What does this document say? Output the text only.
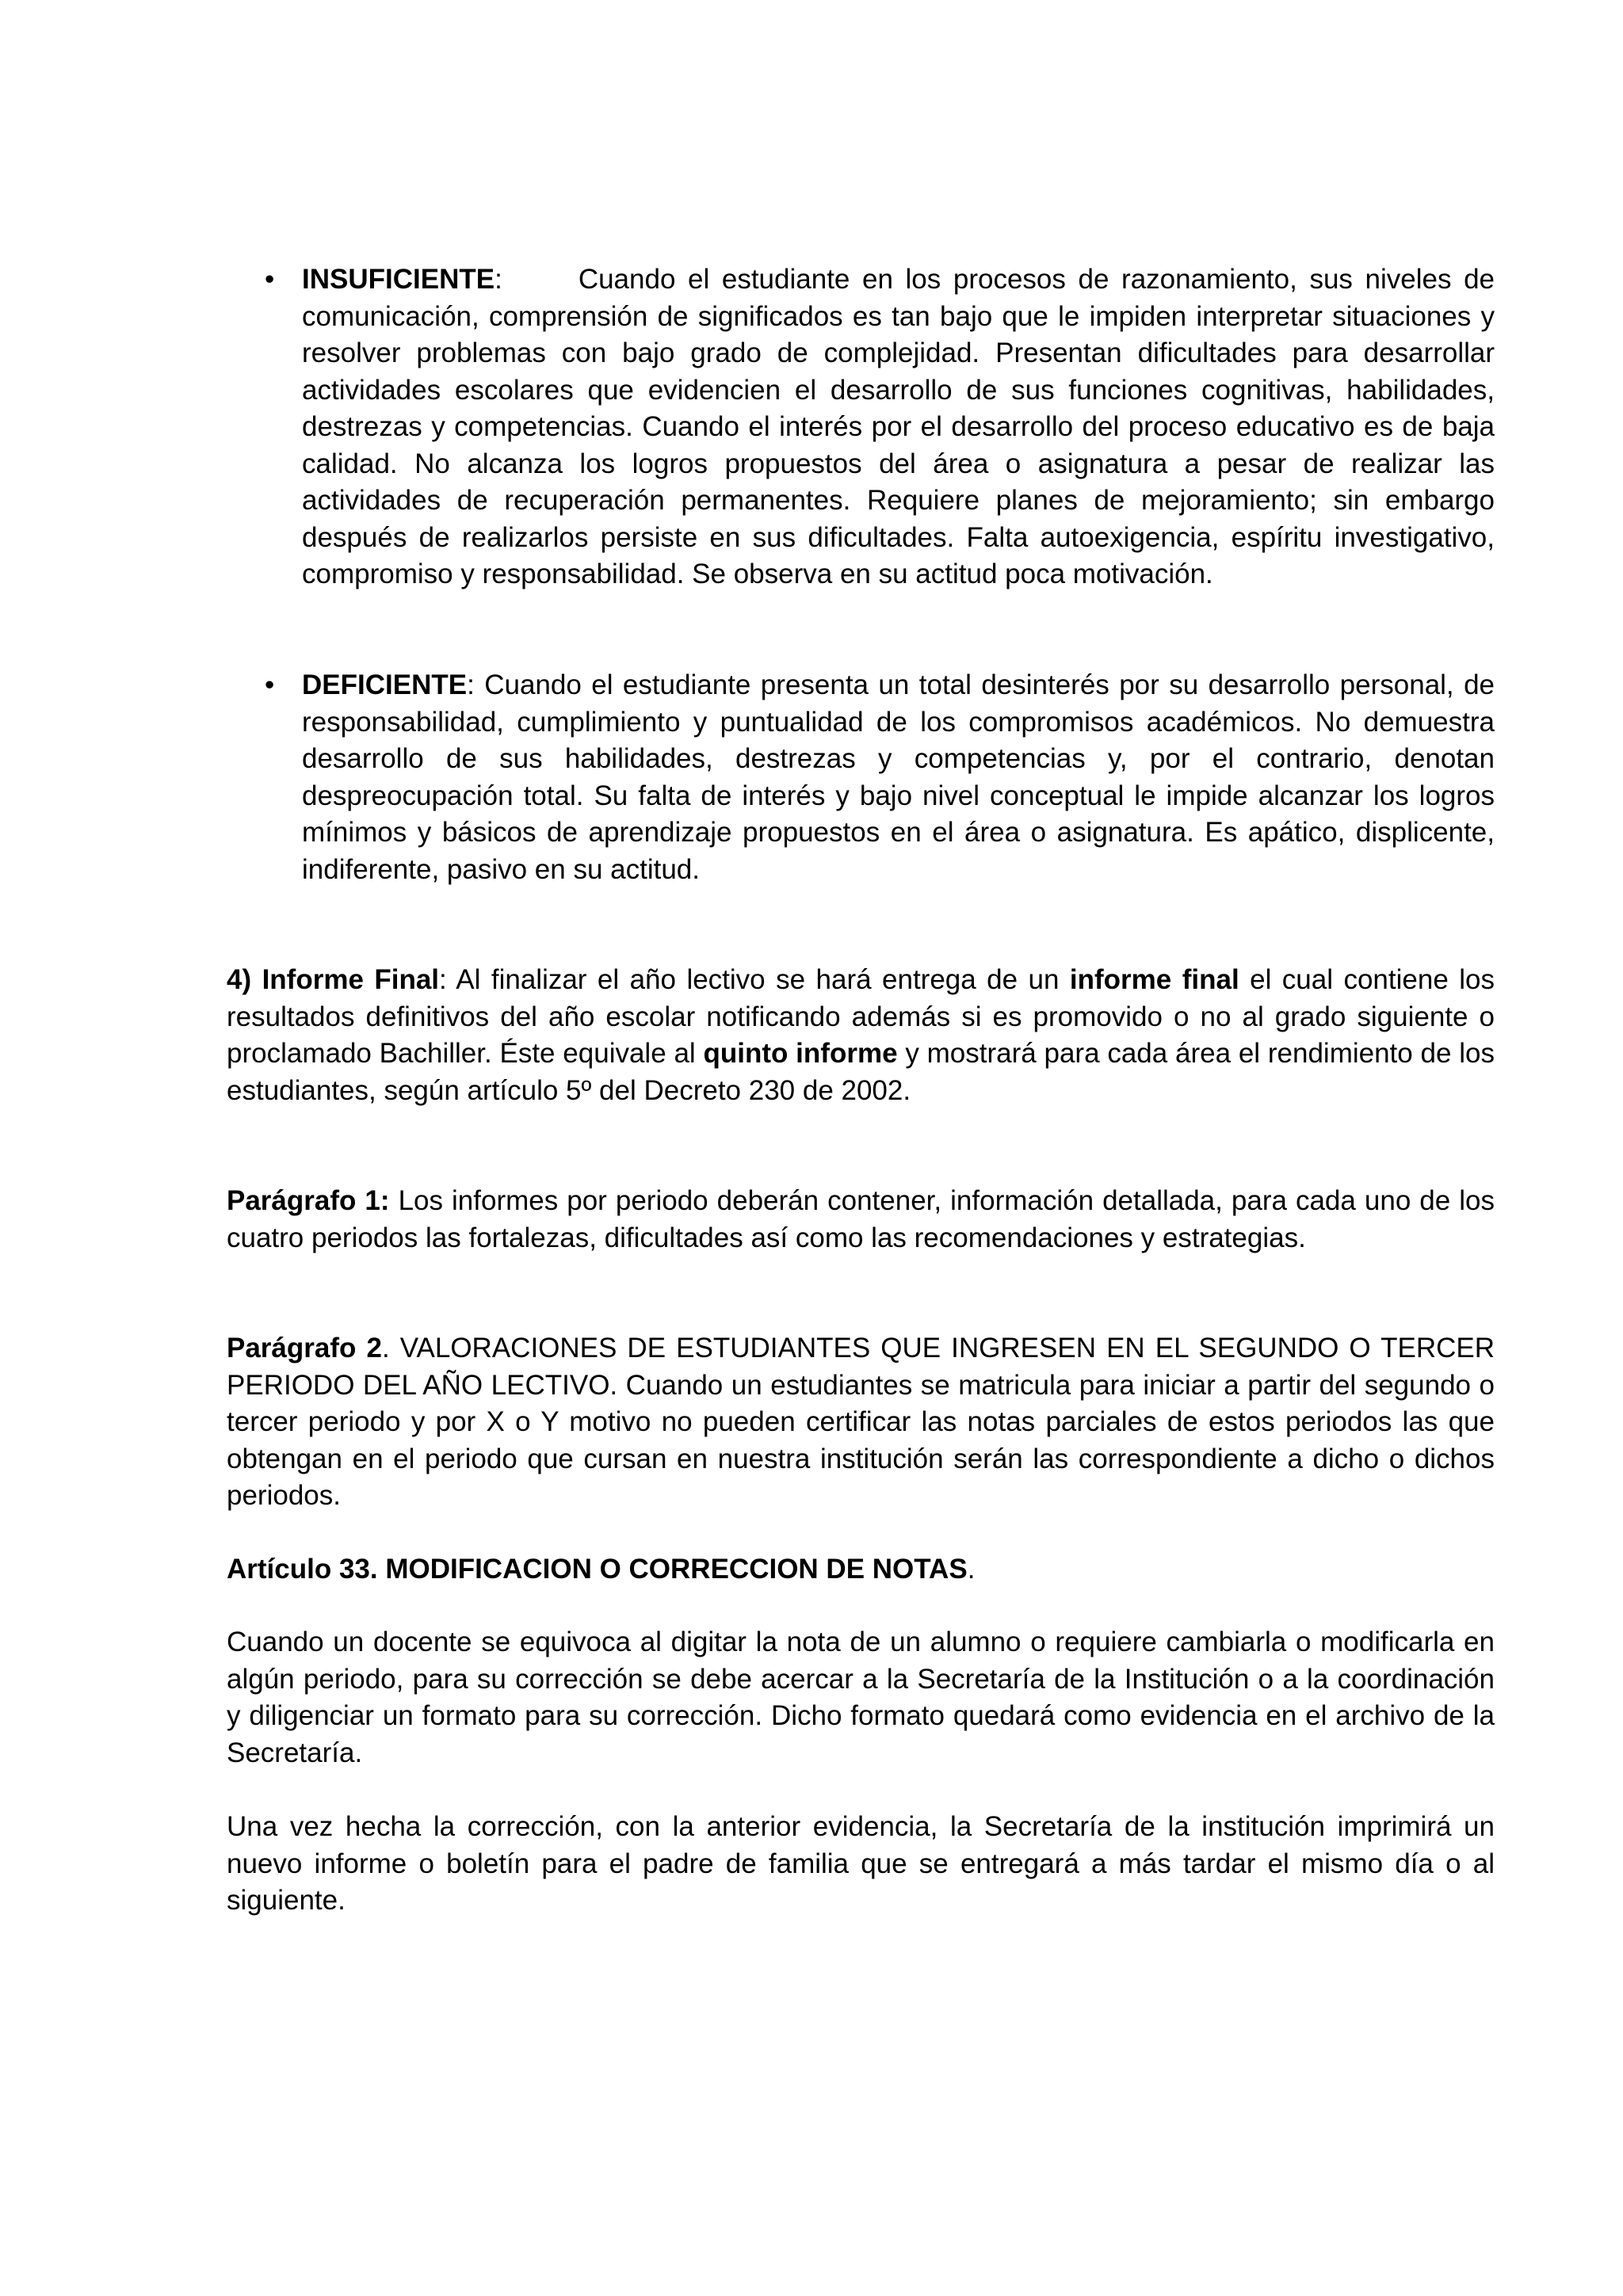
• INSUFICIENTE:	Cuando el estudiante en los procesos de razonamiento, sus niveles de comunicación, comprensión de significados es tan bajo que le impiden interpretar situaciones y resolver problemas con bajo grado de complejidad. Presentan dificultades para desarrollar actividades escolares que evidencien el desarrollo de sus funciones cognitivas, habilidades, destrezas y competencias. Cuando el interés por el desarrollo del proceso educativo es de baja calidad. No alcanza los logros propuestos del área o asignatura a pesar de realizar las actividades de recuperación permanentes. Requiere planes de mejoramiento; sin embargo después de realizarlos persiste en sus dificultades. Falta autoexigencia, espíritu investigativo, compromiso y responsabilidad. Se observa en su actitud poca motivación.
• DEFICIENTE: Cuando el estudiante presenta un total desinterés por su desarrollo personal, de responsabilidad, cumplimiento y puntualidad de los compromisos académicos. No demuestra desarrollo de sus habilidades, destrezas y competencias y, por el contrario, denotan despreocupación total. Su falta de interés y bajo nivel conceptual le impide alcanzar los logros mínimos y básicos de aprendizaje propuestos en el área o asignatura. Es apático, displicente, indiferente, pasivo en su actitud.
4) Informe Final: Al finalizar el año lectivo se hará entrega de un informe final el cual contiene los resultados definitivos del año escolar notificando además si es promovido o no al grado siguiente o proclamado Bachiller. Éste equivale al quinto informe y mostrará para cada área el rendimiento de los estudiantes, según artículo 5º del Decreto 230 de 2002.
Parágrafo 1: Los informes por periodo deberán contener, información detallada, para cada uno de los cuatro periodos las fortalezas, dificultades así como las recomendaciones y estrategias.
Parágrafo 2. VALORACIONES DE ESTUDIANTES QUE INGRESEN EN EL SEGUNDO O TERCER PERIODO DEL AÑO LECTIVO. Cuando un estudiantes se matricula para iniciar a partir del segundo o tercer periodo y por X o Y motivo no pueden certificar las notas parciales de estos periodos las que obtengan en el periodo que cursan en nuestra institución serán las correspondiente a dicho o dichos periodos.
Artículo 33. MODIFICACION O CORRECCION DE NOTAS.
Cuando un docente se equivoca al digitar la nota de un alumno o requiere cambiarla o modificarla en algún periodo, para su corrección se debe acercar a la Secretaría de la Institución o a la coordinación y diligenciar un formato para su corrección. Dicho formato quedará como evidencia en el archivo de la Secretaría.
Una vez hecha la corrección, con la anterior evidencia, la Secretaría de la institución imprimirá un nuevo informe o boletín para el padre de familia que se entregará a más tardar el mismo día o al siguiente.
